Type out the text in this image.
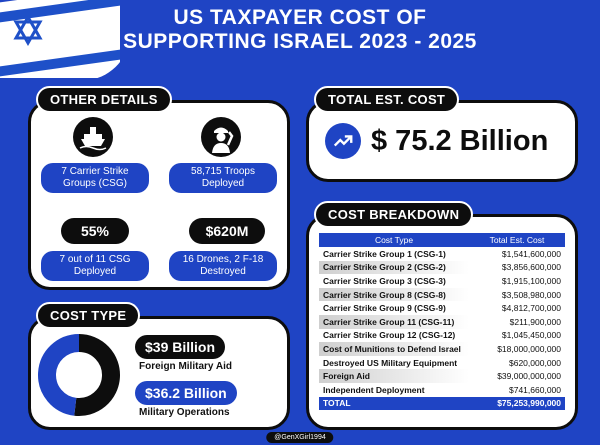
US TAXPAYER COST OF
SUPPORTING ISRAEL 2023 - 2025
7 Carrier Strike Groups (CSG)
58,715 Troops Deployed
55%	$620M
7 out of 11 CSG Deployed
16 Drones, 2 F-18 Destroyed
OTHER DETAILS
$ 75.2 Billion
TOTAL EST. COST
Cost Type	Total Est. Cost
Carrier Strike Group 1 (CSG-1)	$1,541,600,000
Carrier Strike Group 2 (CSG-2)	$3,856,600,000
Carrier Strike Group 3 (CSG-3)	$1,915,100,000
Carrier Strike Group 8 (CSG-8)	$3,508,980,000
Carrier Strike Group 9 (CSG-9)	$4,812,700,000
Carrier Strike Group 11 (CSG-11)	$211,900,000
Carrier Strike Group 12 (CSG-12)	$1,045,450,000
Cost of Munitions to Defend Israel	$18,000,000,000
Destroyed US Military Equipment	$620,000,000
Foreign Aid	$39,000,000,000
Independent Deployment	$741,660,000
TOTAL	$75,253,990,000
COST BREAKDOWN
$39 Billion
Foreign Military Aid
$36.2 Billion
Military Operations
COST TYPE
@GenXGirl1994
